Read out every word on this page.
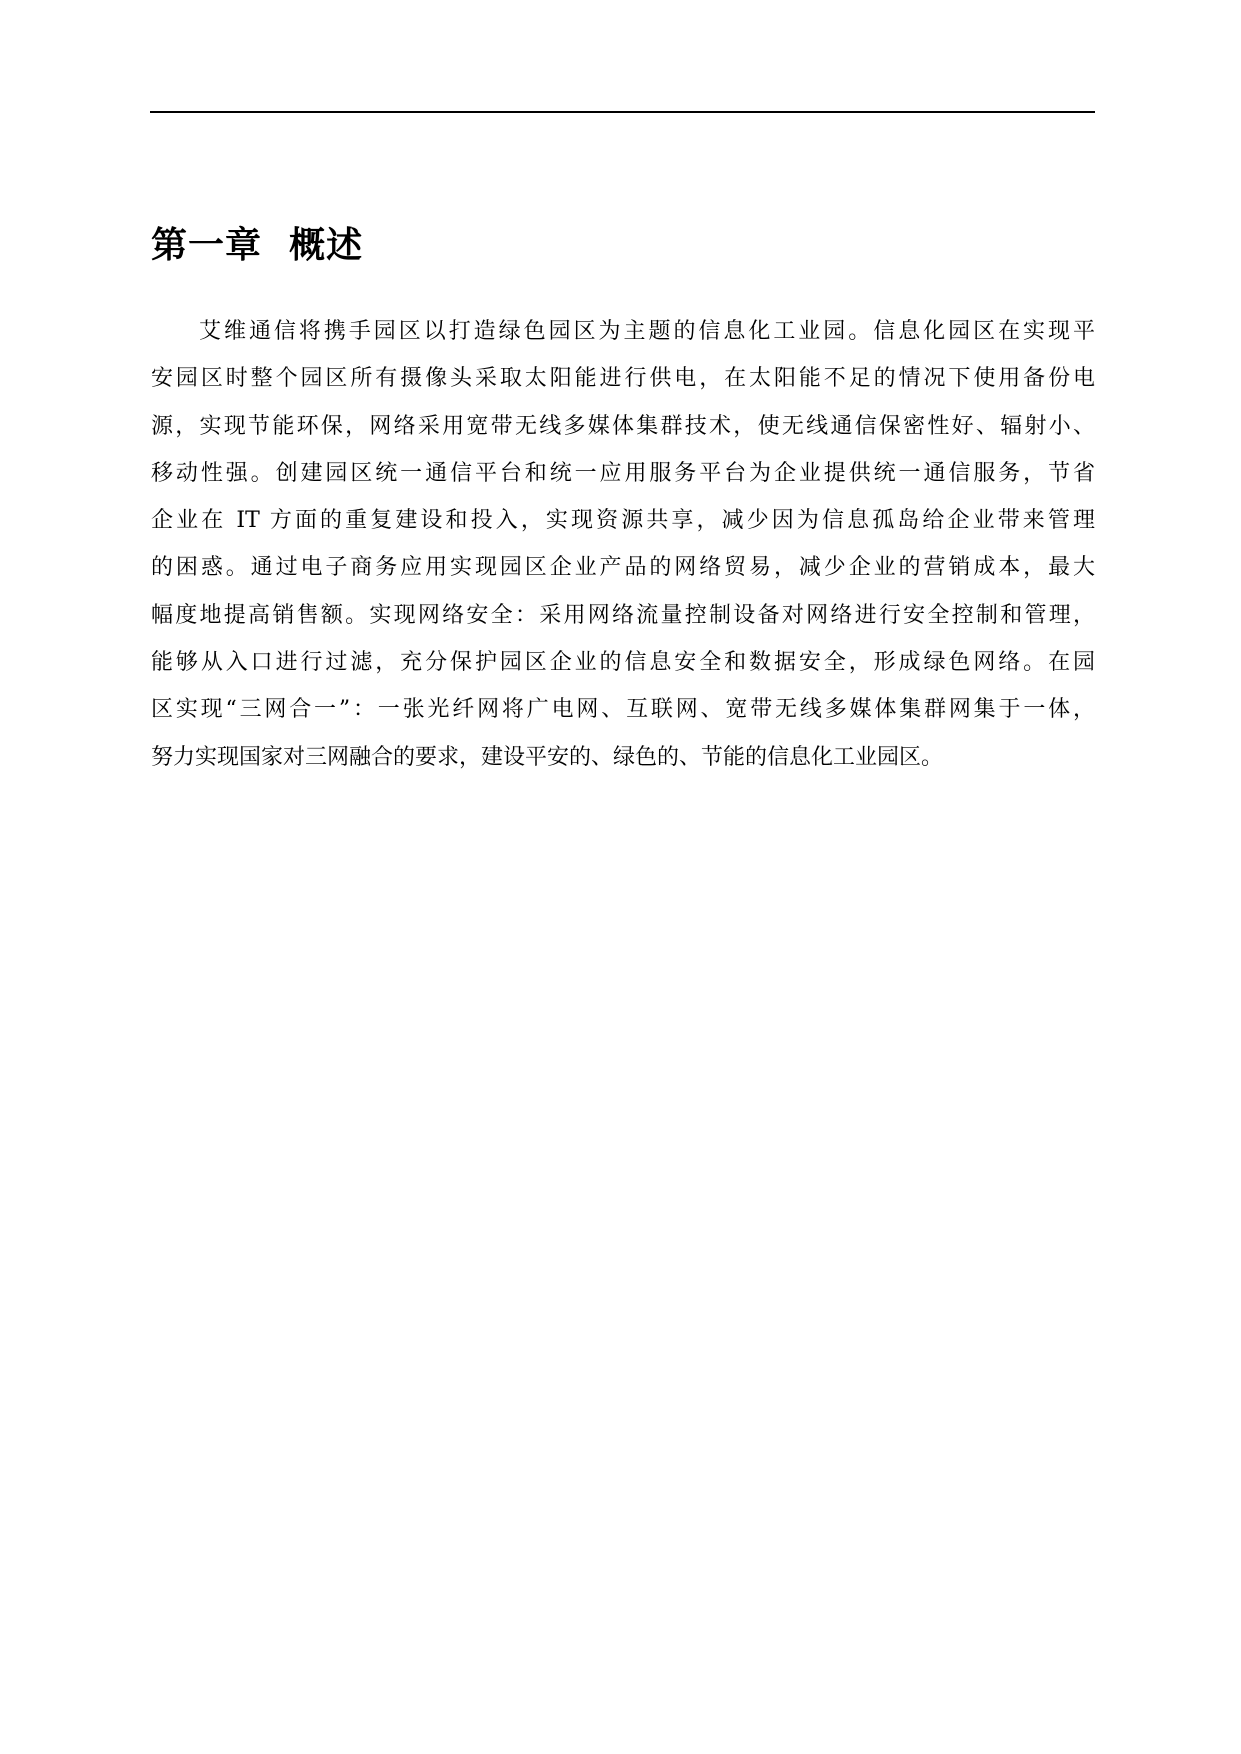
第一章  概述
艾维通信将携手园区以打造绿色园区为主题的信息化工业园。信息化园区在实现平
安园区时整个园区所有摄像头采取太阳能进行供电，在太阳能不足的情况下使用备份电
源，实现节能环保，网络采用宽带无线多媒体集群技术，使无线通信保密性好、辐射小、
移动性强。创建园区统一通信平台和统一应用服务平台为企业提供统一通信服务，节省
企业在 IT 方面的重复建设和投入，实现资源共享，减少因为信息孤岛给企业带来管理
的困惑。通过电子商务应用实现园区企业产品的网络贸易，减少企业的营销成本，最大
幅度地提高销售额。实现网络安全：采用网络流量控制设备对网络进行安全控制和管理，
能够从入口进行过滤，充分保护园区企业的信息安全和数据安全，形成绿色网络。在园
区实现“三网合一”：一张光纤网将广电网、互联网、宽带无线多媒体集群网集于一体，
努力实现国家对三网融合的要求，建设平安的、绿色的、节能的信息化工业园区。
